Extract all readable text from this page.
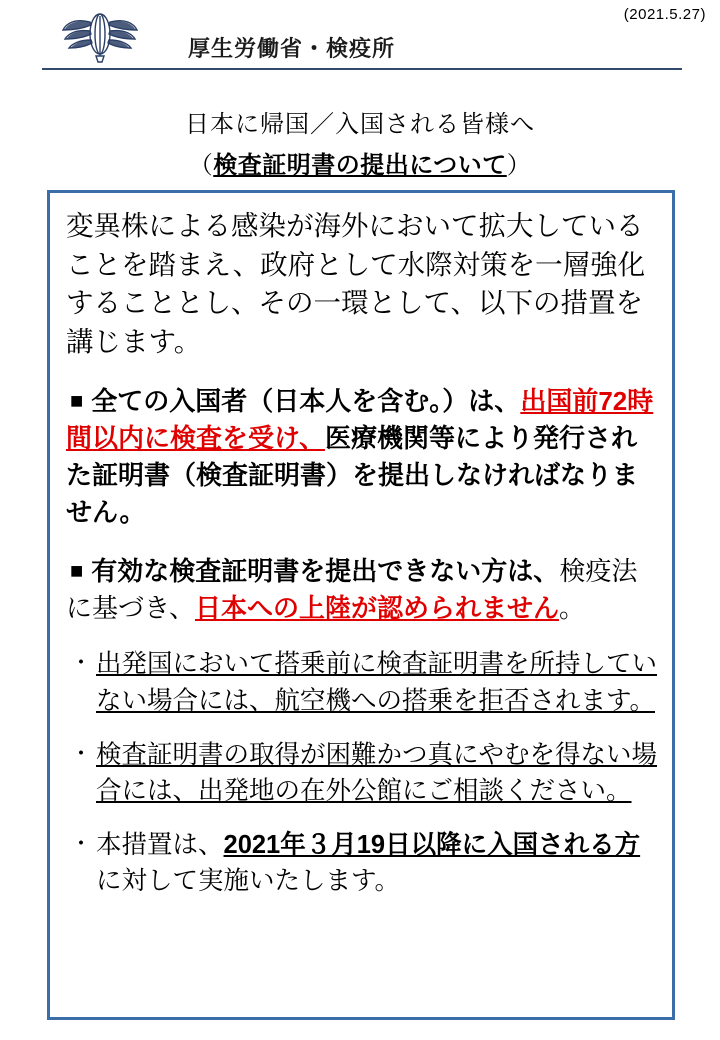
(2021.5.27)
厚生労働省・検疫所
日本に帰国／入国される皆様へ
（検査証明書の提出について）
変異株による感染が海外において拡大していることを踏まえ、政府として水際対策を一層強化することとし、その一環として、以下の措置を講じます。
■ 全ての入国者（日本人を含む。）は、出国前72時間以内に検査を受け、医療機関等により発行された証明書（検査証明書）を提出しなければなりません。
■ 有効な検査証明書を提出できない方は、検疫法に基づき、日本への上陸が認められません。
・ 出発国において搭乗前に検査証明書を所持していない場合には、航空機への搭乗を拒否されます。
・ 検査証明書の取得が困難かつ真にやむを得ない場合には、出発地の在外公館にご相談ください。
・ 本措置は、2021年３月19日以降に入国される方に対して実施いたします。
